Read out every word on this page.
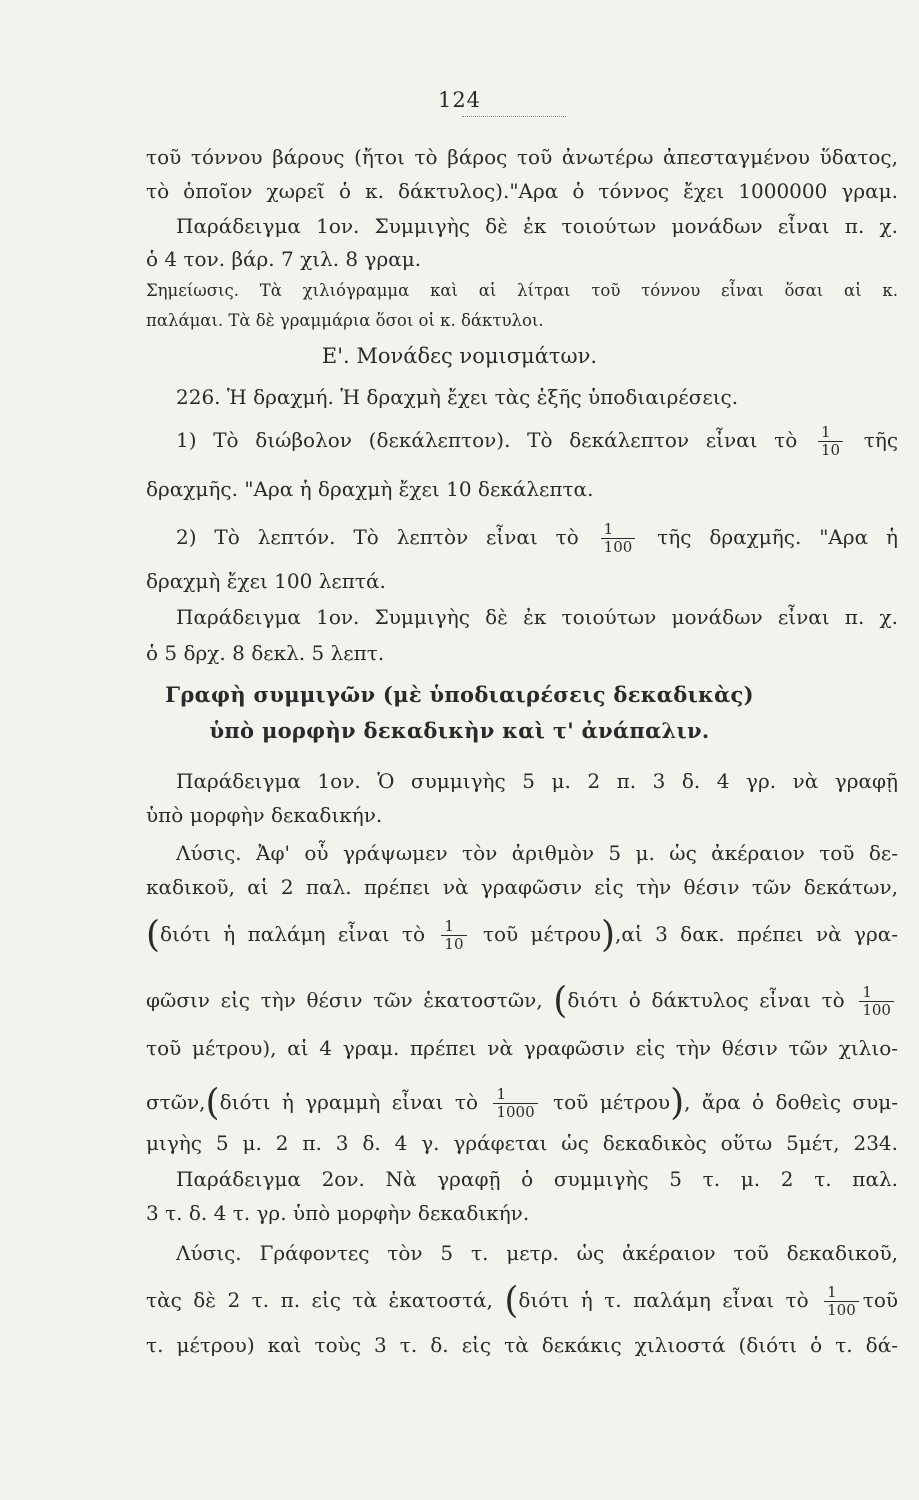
124
τοῦ τόννου βάρους (ἤτοι τὸ βάρος τοῦ ἀνωτέρω ἀπεσταγμένου ὕδατος,
τὸ ὁποῖον χωρεῖ ὁ κ. δάκτυλος)."Αρα ὁ τόννος ἔχει 1000000 γραμ.
Παράδειγμα 1ον. Συμμιγὴς δὲ ἐκ τοιούτων μονάδων εἶναι π. χ.
ὁ 4 τον. βάρ. 7 χιλ. 8 γραμ.
Σημείωσις. Τὰ χιλιόγραμμα καὶ αἱ λίτραι τοῦ τόννου εἶναι ὅσαι αἱ κ.
παλάμαι. Τὰ δὲ γραμμάρια ὅσοι οἱ κ. δάκτυλοι.
Ε'. Μονάδες νομισμάτων.
226. Ἡ δραχμή. Ἡ δραχμὴ ἔχει τὰς ἑξῆς ὑποδιαιρέσεις.
1) Τὸ διώβολον (δεκάλεπτον). Τὸ δεκάλεπτον εἶναι τὸ $\frac{1}{10}$ τῆς
δραχμῆς. "Αρα ἡ δραχμὴ ἔχει 10 δεκάλεπτα.
2) Τὸ λεπτόν. Τὸ λεπτὸν εἶναι τὸ $\frac{1}{100}$ τῆς δραχμῆς. "Αρα ἡ
δραχμὴ ἔχει 100 λεπτά.
Παράδειγμα 1ον. Συμμιγὴς δὲ ἐκ τοιούτων μονάδων εἶναι π. χ.
ὁ 5 δρχ. 8 δεκλ. 5 λεπτ.
Γραφὴ συμμιγῶν (μὲ ὑποδιαιρέσεις δεκαδικὰς)
ὑπὸ μορφὴν δεκαδικὴν καὶ τ' ἀνάπαλιν.
Παράδειγμα 1ον. Ὁ συμμιγὴς 5 μ. 2 π. 3 δ. 4 γρ. νὰ γραφῇ
ὑπὸ μορφὴν δεκαδικήν.
Λύσις. Ἀφ' οὗ γράψωμεν τὸν ἀριθμὸν 5 μ. ὡς ἀκέραιον τοῦ δε-
καδικοῦ, αἱ 2 παλ. πρέπει νὰ γραφῶσιν εἰς τὴν θέσιν τῶν δεκάτων,
(διότι ἡ παλάμη εἶναι τὸ $\frac{1}{10}$ τοῦ μέτρου),αἱ 3 δακ. πρέπει νὰ γρα-
φῶσιν εἰς τὴν θέσιν τῶν ἑκατοστῶν, (διότι ὁ δάκτυλος εἶναι τὸ $\frac{1}{100}$
τοῦ μέτρου), αἱ 4 γραμ. πρέπει νὰ γραφῶσιν εἰς τὴν θέσιν τῶν χιλιο-
στῶν,(διότι ἡ γραμμὴ εἶναι τὸ $\frac{1}{1000}$ τοῦ μέτρου), ἄρα ὁ δοθεὶς συμ-
μιγὴς 5 μ. 2 π. 3 δ. 4 γ. γράφεται ὡς δεκαδικὸς οὕτω 5μέτ, 234.
Παράδειγμα 2ον. Νὰ γραφῇ ὁ συμμιγὴς 5 τ. μ. 2 τ. παλ.
3 τ. δ. 4 τ. γρ. ὑπὸ μορφὴν δεκαδικήν.
Λύσις. Γράφοντες τὸν 5 τ. μετρ. ὡς ἀκέραιον τοῦ δεκαδικοῦ,
τὰς δὲ 2 τ. π. εἰς τὰ ἑκατοστά, (διότι ἡ τ. παλάμη εἶναι τὸ $\frac{1}{100}$ τοῦ
τ. μέτρου) καὶ τοὺς 3 τ. δ. εἰς τὰ δεκάκις χιλιοστά (διότι ὁ τ. δά-
